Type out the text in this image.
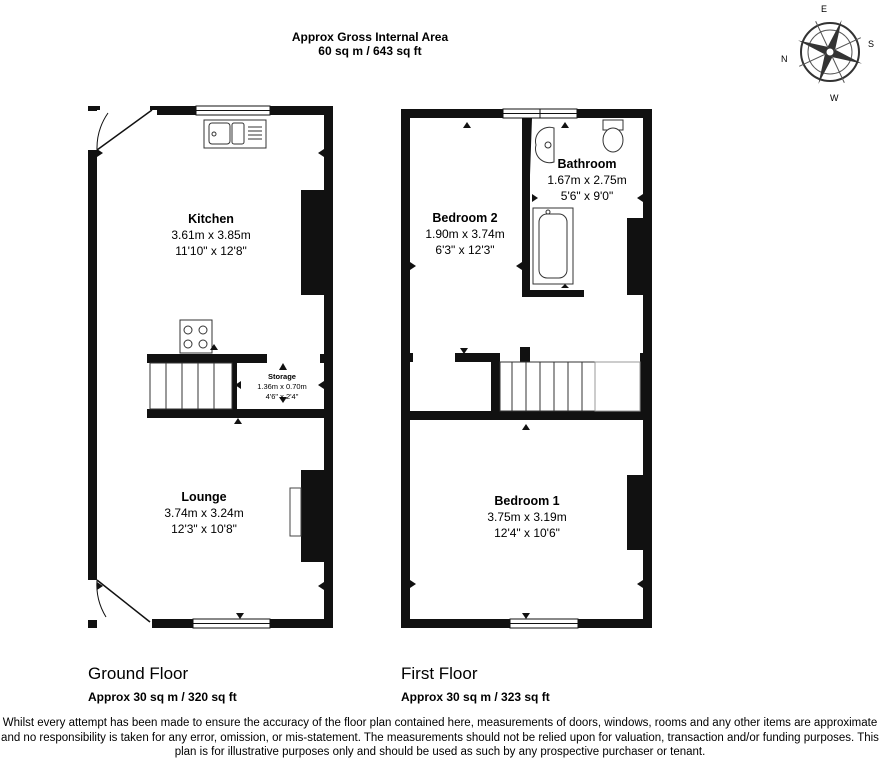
Approx Gross Internal Area
60 sq m / 643 sq ft
E
S
N
W
Kitchen
3.61m x 3.85m
11'10" x 12'8"
Storage
1.36m x 0.70m
4'6" x 2'4"
Lounge
3.74m x 3.24m
12'3" x 10'8"
Bedroom 2
1.90m x 3.74m
6'3" x 12'3"
Bathroom
1.67m x 2.75m
5'6" x 9'0"
Bedroom 1
3.75m x 3.19m
12'4" x 10'6"
Ground Floor
Approx 30 sq m / 320 sq ft
First Floor
Approx 30 sq m / 323 sq ft
Whilst every attempt has been made to ensure the accuracy of the floor plan contained here, measurements of doors, windows, rooms and any other items are approximate and no responsibility is taken for any error, omission, or mis-statement. The measurements should not be relied upon for valuation, transaction and/or funding purposes. This plan is for illustrative purposes only and should be used as such by any prospective purchaser or tenant.
